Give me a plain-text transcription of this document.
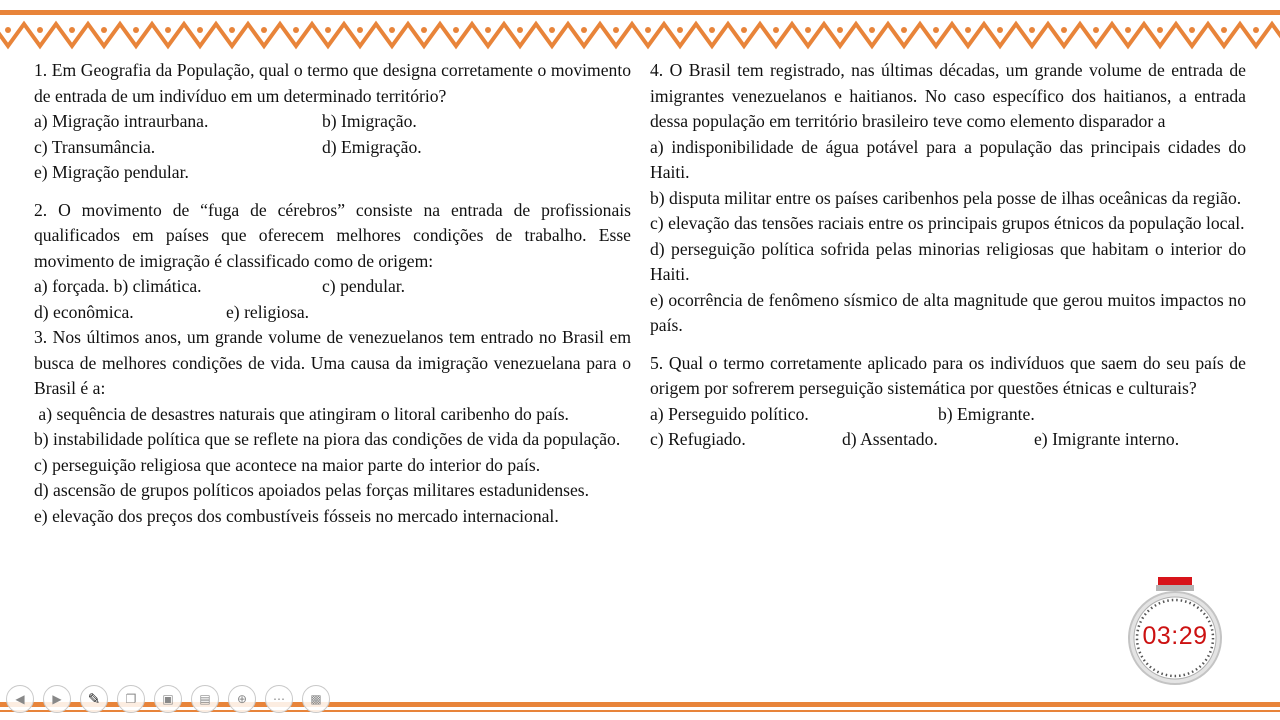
1. Em Geografia da População, qual o termo que designa corretamente o movimento de entrada de um indivíduo em um determinado território?

a) Migração intraurbana.	b) Imigração.
c) Transumância.	d) Emigração.

e) Migração pendular.

2. O movimento de “fuga de cérebros” consiste na entrada de profissionais qualificados em países que oferecem melhores condições de trabalho. Esse movimento de imigração é classificado como de origem:

a) forçada. b) climática.	c) pendular.
d) econômica.	e) religiosa.

3. Nos últimos anos, um grande volume de venezuelanos tem entrado no Brasil em busca de melhores condições de vida. Uma causa da imigração venezuelana para o Brasil é a:

a) sequência de desastres naturais que atingiram o litoral caribenho do país.

b) instabilidade política que se reflete na piora das condições de vida da população.

c) perseguição religiosa que acontece na maior parte do interior do país.

d) ascensão de grupos políticos apoiados pelas forças militares estadunidenses.

e) elevação dos preços dos combustíveis fósseis no mercado internacional.

4. O Brasil tem registrado, nas últimas décadas, um grande volume de entrada de imigrantes venezuelanos e haitianos. No caso específico dos haitianos, a entrada dessa população em território brasileiro teve como elemento disparador a

a) indisponibilidade de água potável para a população das principais cidades do Haiti.

b) disputa militar entre os países caribenhos pela posse de ilhas oceânicas da região.

c) elevação das tensões raciais entre os principais grupos étnicos da população local.

d) perseguição política sofrida pelas minorias religiosas que habitam o interior do Haiti.

e) ocorrência de fenômeno sísmico de alta magnitude que gerou muitos impactos no país.

5. Qual o termo corretamente aplicado para os indivíduos que saem do seu país de origem por sofrerem perseguição sistemática por questões étnicas e culturais?

a) Perseguido político.	b) Emigrante.
c) Refugiado.	d) Assentado.	e) Imigrante interno.
03:29
◀	▶	✎	❐	▣	▤	⊕	⋯	▩
